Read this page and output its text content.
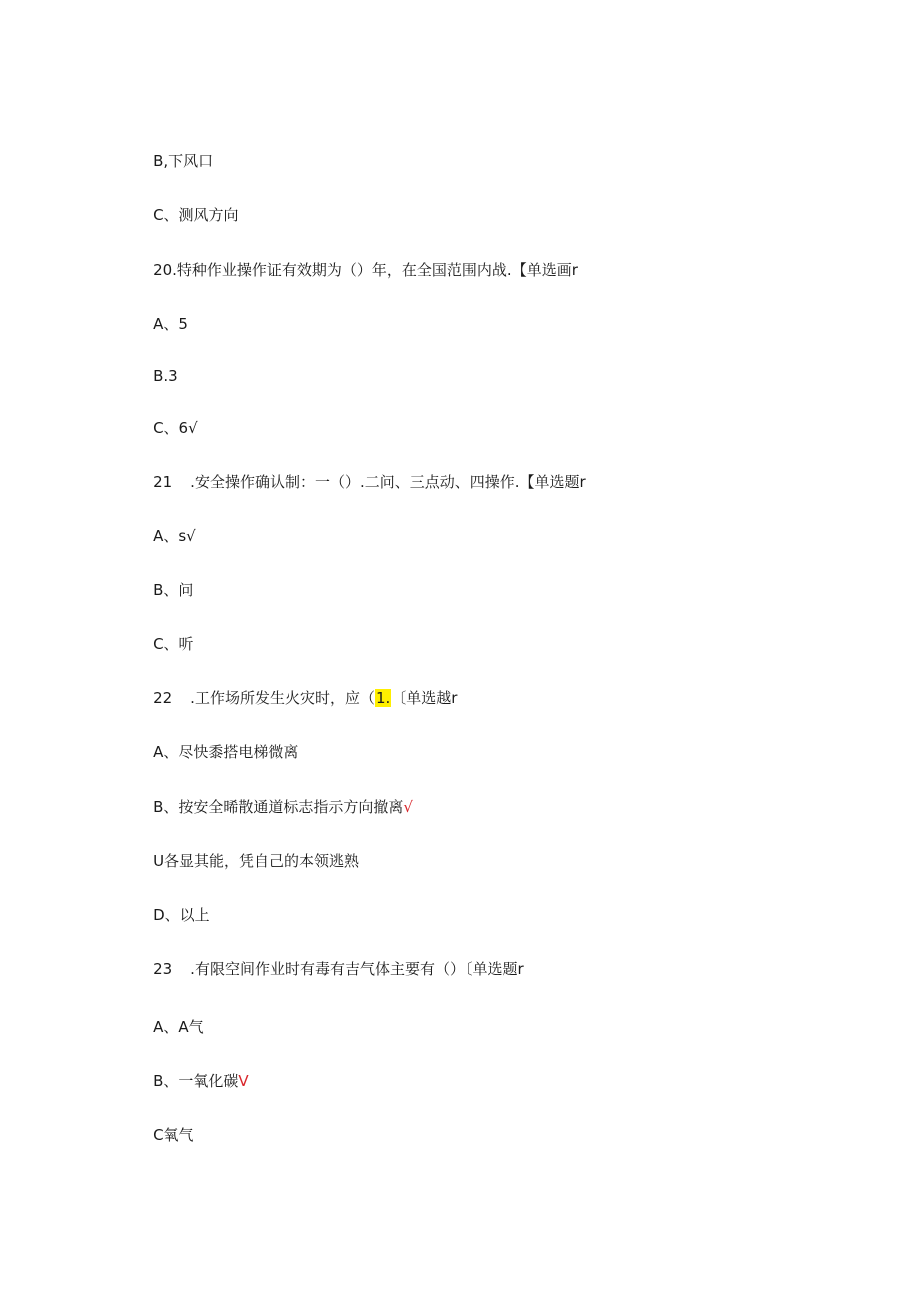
B,下风口

C、测风方向

20.特种作业操作证有效期为（）年，在全国范围内战.【单选画r

A、5

B.3

C、6√

21 .安全操作确认制：一（）.二问、三点动、四操作.【单选题r

A、s√

B、问

C、听

22 .工作场所发生火灾时，应（1.〔单选越r

A、尽快黍搭电梯微离

B、按安全晞散通道标志指示方向撤离√

U各显其能，凭自己的本领逃熟

D、以上

23 .有限空间作业时有毒有吉气体主要有（）〔单选题r

A、A气

B、一氧化碳V

C氧气
